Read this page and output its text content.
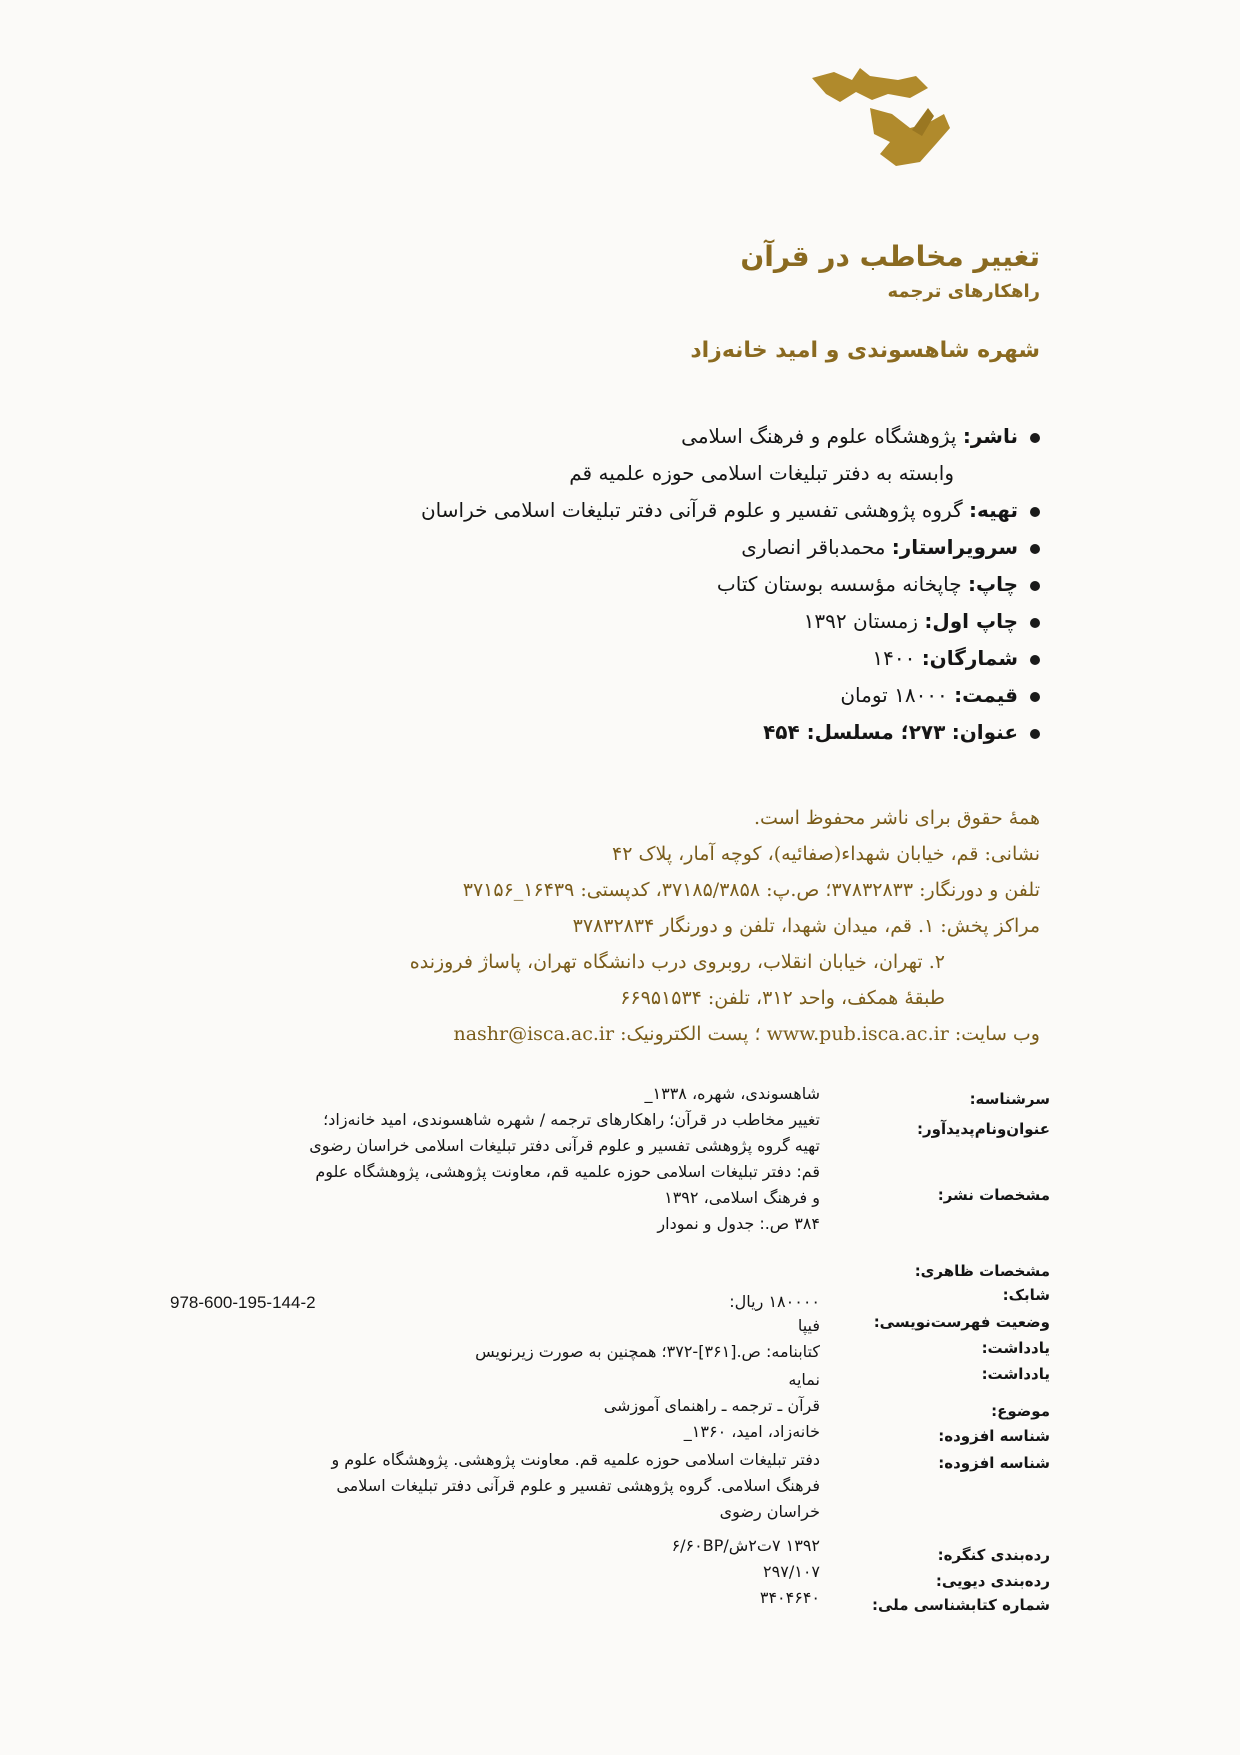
تغییر مخاطب در قرآن
راهکارهای ترجمه
شهره شاهسوندی و امید خانه‌زاد
ناشر: پژوهشگاه علوم و فرهنگ اسلامی
وابسته به دفتر تبلیغات اسلامی حوزه علمیه قم
تهیه: گروه پژوهشی تفسیر و علوم قرآنی دفتر تبلیغات اسلامی خراسان
سرویراستار: محمدباقر انصاری
چاپ: چاپخانه مؤسسه بوستان کتاب
چاپ اول: زمستان ۱۳۹۲
شمارگان: ۱۴۰۰
قیمت: ۱۸۰۰۰ تومان
عنوان: ۲۷۳؛ مسلسل: ۴۵۴
همهٔ حقوق برای ناشر محفوظ است.
نشانی: قم، خیابان شهداء(صفائیه)، کوچه آمار، پلاک ۴۲
تلفن و دورنگار: ۳۷۸۳۲۸۳۳؛ ص.پ: ۳۷۱۸۵/۳۸۵۸، کدپستی: ۱۶۴۳۹_۳۷۱۵۶
مراکز پخش: ۱. قم، میدان شهدا، تلفن و دورنگار ۳۷۸۳۲۸۳۴
۲. تهران، خیابان انقلاب، روبروی درب دانشگاه تهران، پاساژ فروزنده
طبقهٔ همکف، واحد ۳۱۲، تلفن: ۶۶۹۵۱۵۳۴
وب سایت: www.pub.isca.ac.ir ؛ پست الکترونیک: nashr@isca.ac.ir
سرشناسه:
عنوان‌ونام‌پدیدآور:
مشخصات نشر:
مشخصات ظاهری:
شابک:
وضعیت فهرست‌نویسی:
یادداشت:
یادداشت:
موضوع:
شناسه افزوده:
شناسه افزوده:
رده‌بندی کنگره:
رده‌بندی دیویی:
شماره کتابشناسی ملی:
شاهسوندی، شهره، ۱۳۳۸_
تغییر مخاطب در قرآن؛ راهکارهای ترجمه / شهره شاهسوندی، امید خانه‌زاد؛
تهیه گروه پژوهشی تفسیر و علوم قرآنی دفتر تبلیغات اسلامی خراسان رضوی
قم: دفتر تبلیغات اسلامی حوزه علمیه قم، معاونت پژوهشی، پژوهشگاه علوم
و فرهنگ اسلامی، ۱۳۹۲
۳۸۴ ص.: جدول و نمودار
۱۸۰۰۰۰ ریال:
فیپا
کتابنامه: ص.[۳۶۱]-۳۷۲؛ همچنین به صورت زیرنویس
نمایه
قرآن ـ ترجمه ـ راهنمای آموزشی
خانه‌زاد، امید، ۱۳۶۰_
دفتر تبلیغات اسلامی حوزه علمیه قم. معاونت پژوهشی. پژوهشگاه علوم و
فرهنگ اسلامی. گروه پژوهشی تفسیر و علوم قرآنی دفتر تبلیغات اسلامی
خراسان رضوی
۱۳۹۲ ۷ت۲ش/۶/۶۰BP
۲۹۷/۱۰۷
۳۴۰۴۶۴۰
978-600-195-144-2
